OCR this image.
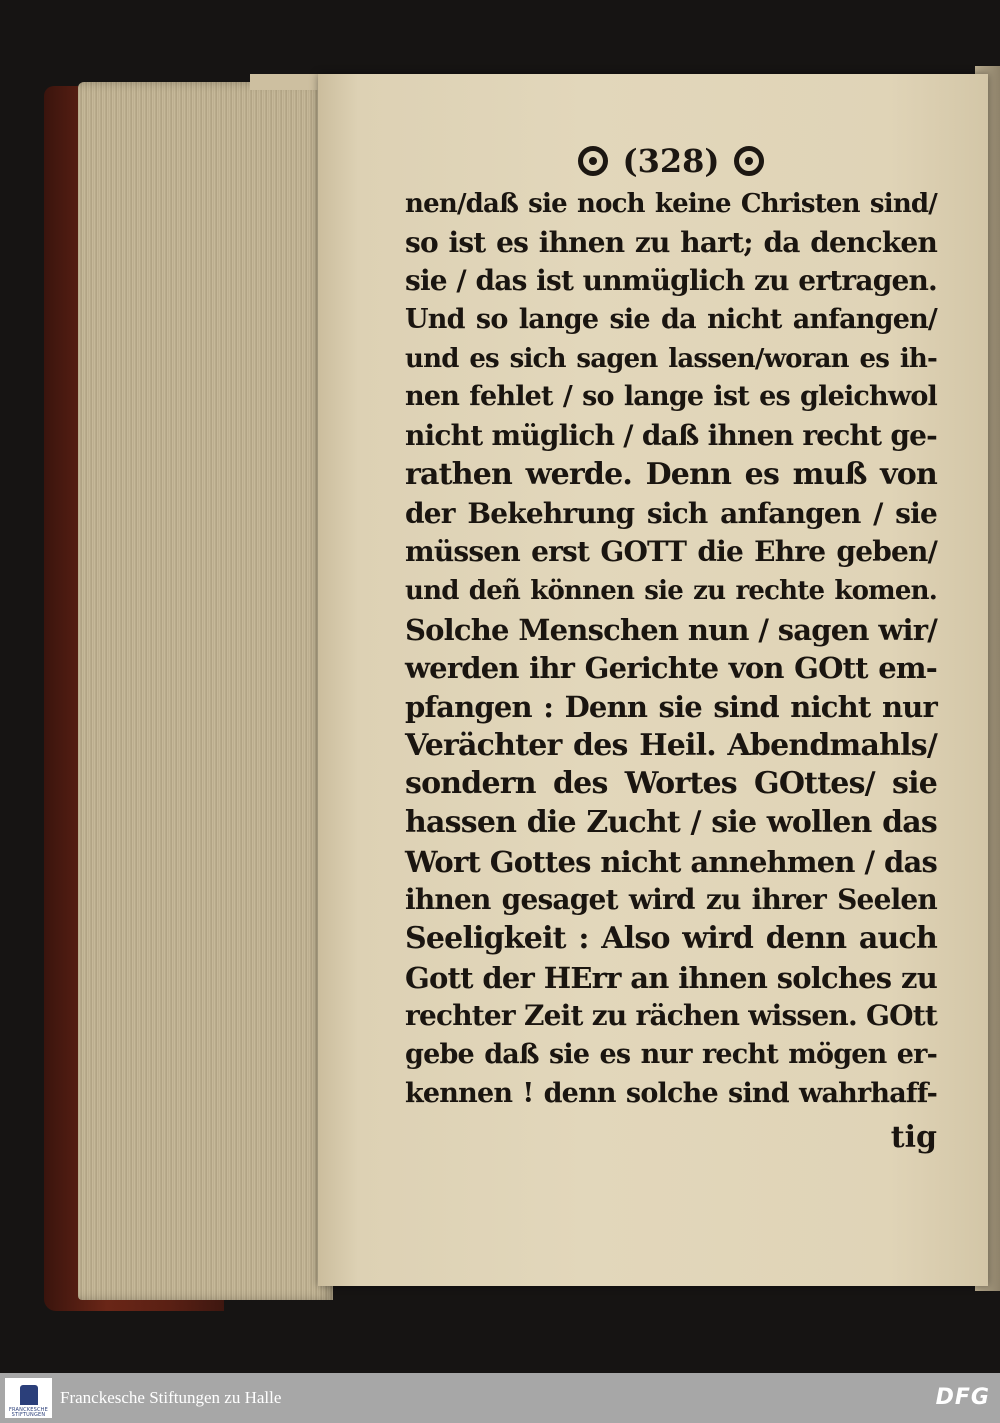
(328)
nen/daß sie noch keine Christen sind/
so ist es ihnen zu hart; da dencken
sie / das ist unmüglich zu ertragen.
Und so lange sie da nicht anfangen/
und es sich sagen lassen/woran es ih-
nen fehlet / so lange ist es gleichwol
nicht müglich / daß ihnen recht ge-
rathen werde. Denn es muß von
der Bekehrung sich anfangen / sie
müssen erst GOTT die Ehre geben/
und deñ können sie zu rechte komen.
Solche Menschen nun / sagen wir/
werden ihr Gerichte von GOtt em-
pfangen : Denn sie sind nicht nur
Verächter des Heil. Abendmahls/
sondern des Wortes GOttes/ sie
hassen die Zucht / sie wollen das
Wort Gottes nicht annehmen / das
ihnen gesaget wird zu ihrer Seelen
Seeligkeit : Also wird denn auch
Gott der HErr an ihnen solches zu
rechter Zeit zu rächen wissen. GOtt
gebe daß sie es nur recht mögen er-
kennen ! denn solche sind wahrhaff-
tig
FRANCKESCHE
STIFTUNGEN
Franckesche Stiftungen zu Halle	DFG
